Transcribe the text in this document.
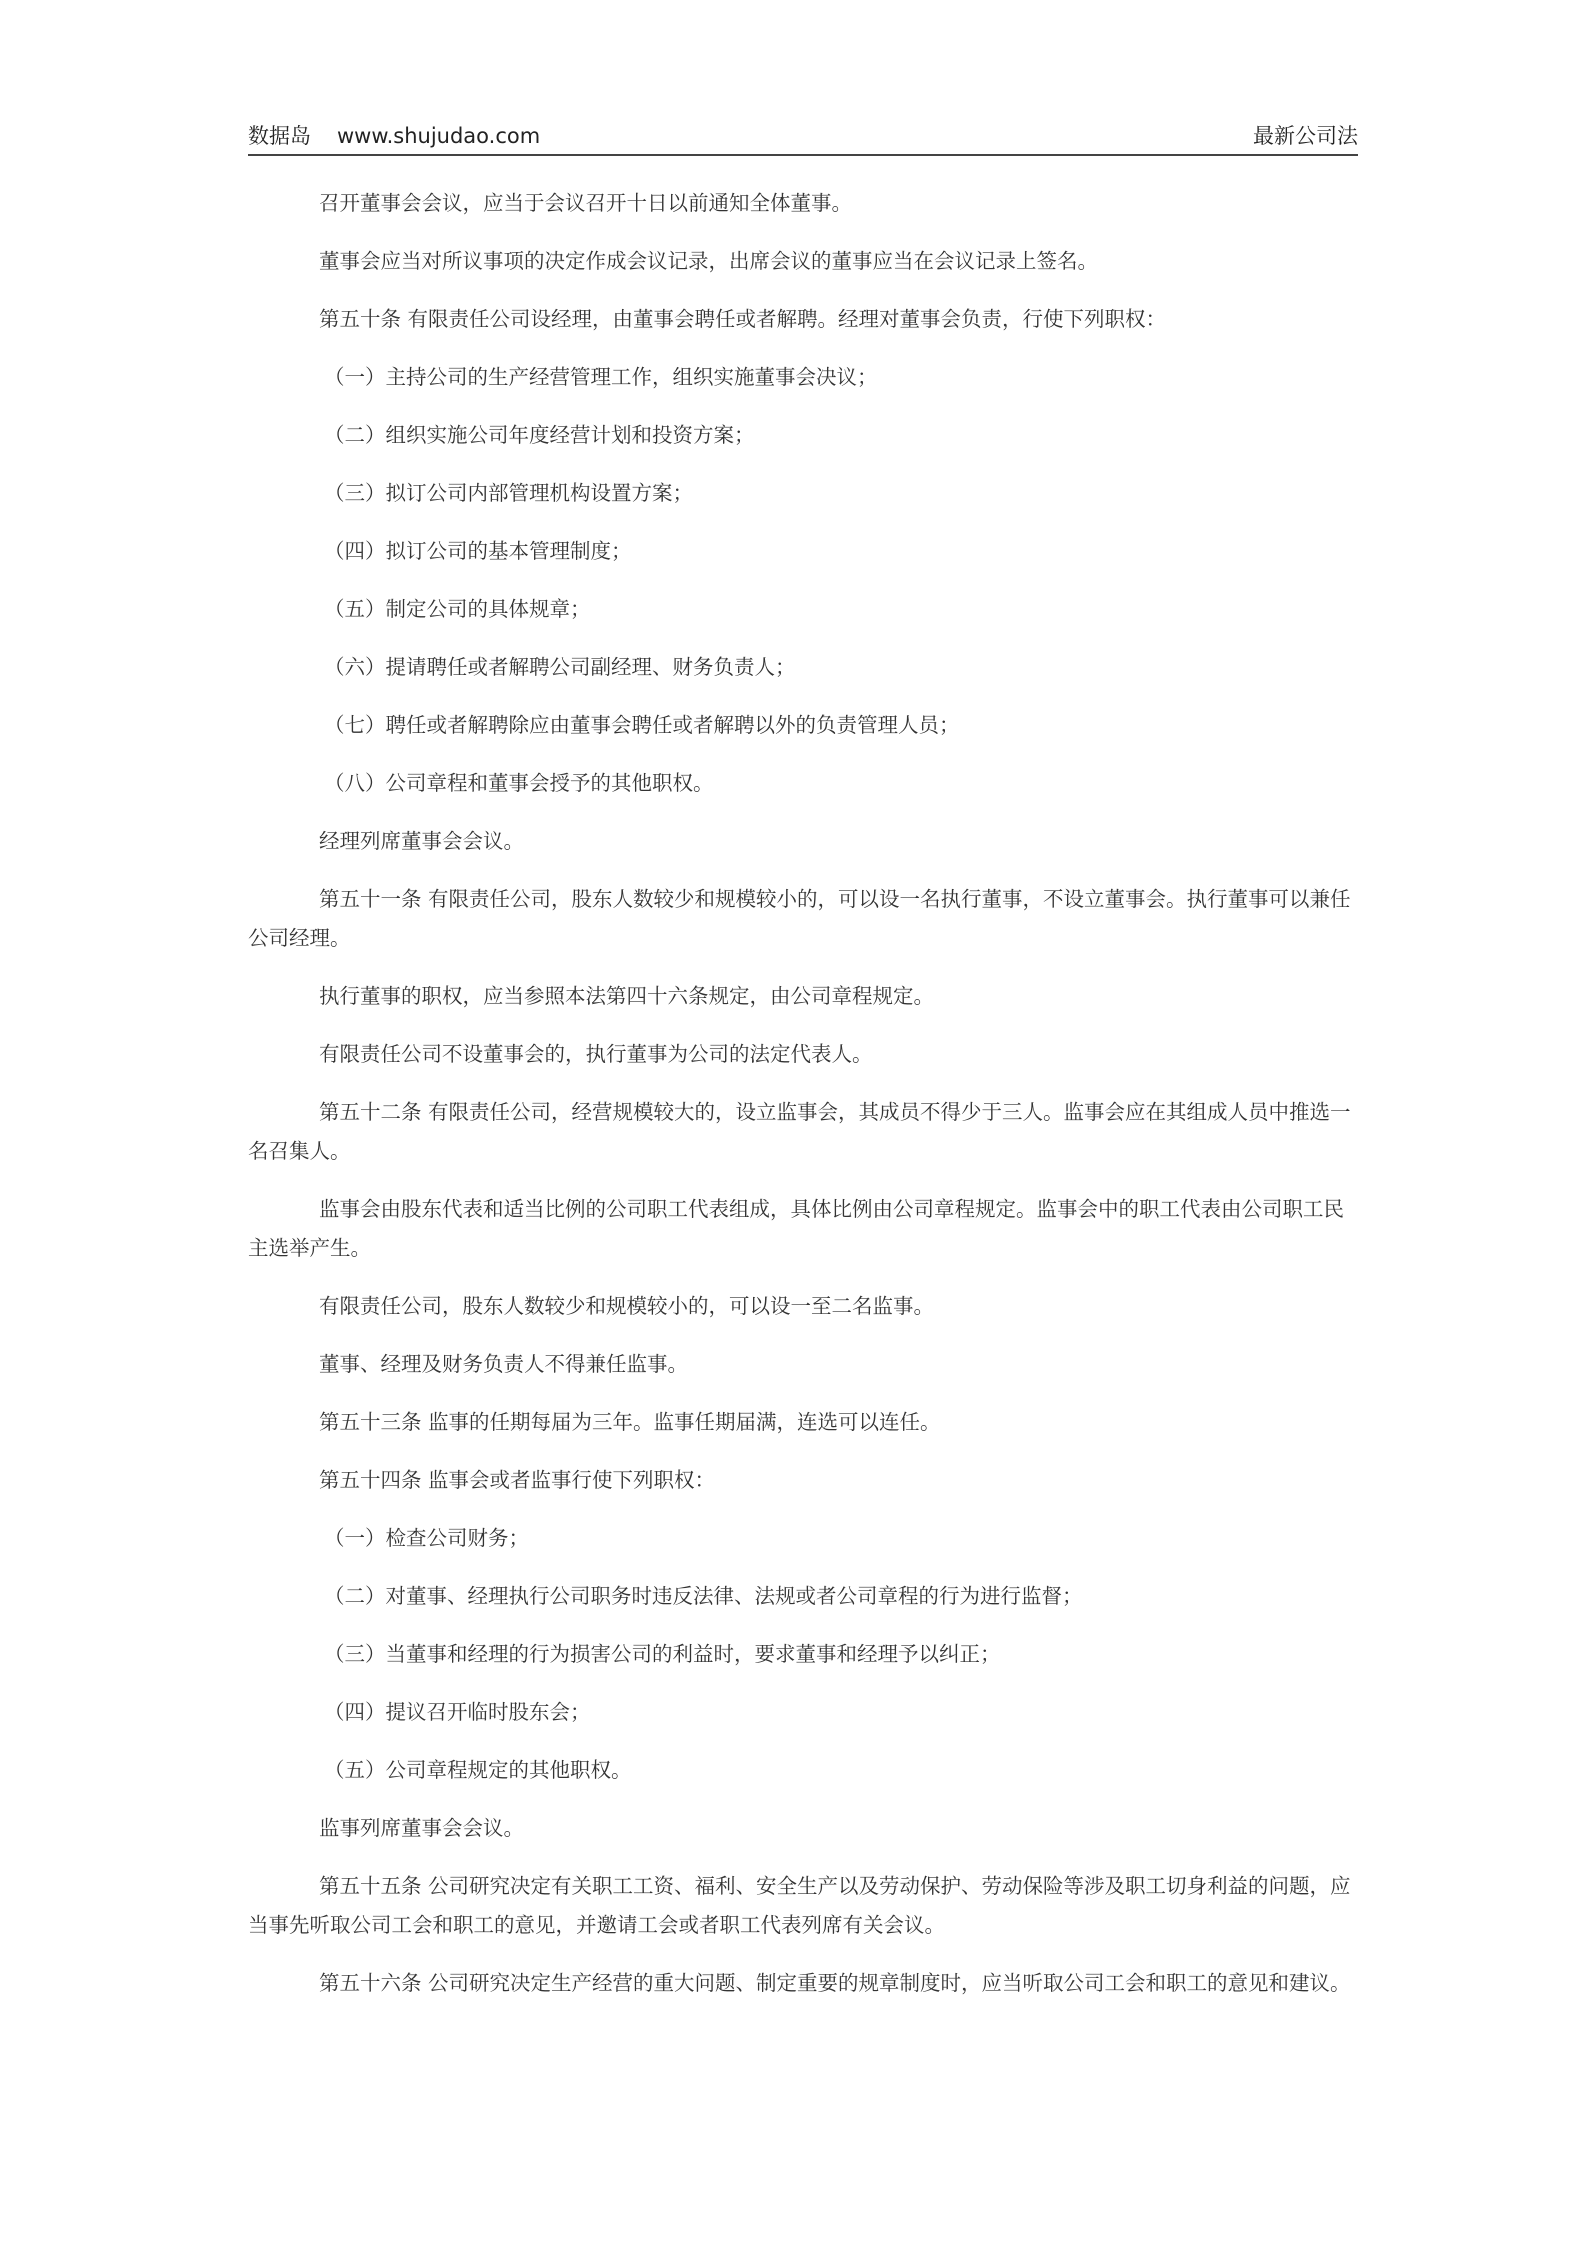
数据岛 www.shujudao.com	最新公司法

召开董事会会议，应当于会议召开十日以前通知全体董事。

董事会应当对所议事项的决定作成会议记录，出席会议的董事应当在会议记录上签名。

第五十条 有限责任公司设经理，由董事会聘任或者解聘。经理对董事会负责，行使下列职权：

（一）主持公司的生产经营管理工作，组织实施董事会决议；

（二）组织实施公司年度经营计划和投资方案；

（三）拟订公司内部管理机构设置方案；

（四）拟订公司的基本管理制度；

（五）制定公司的具体规章；

（六）提请聘任或者解聘公司副经理、财务负责人；

（七）聘任或者解聘除应由董事会聘任或者解聘以外的负责管理人员；

（八）公司章程和董事会授予的其他职权。

经理列席董事会会议。

第五十一条 有限责任公司，股东人数较少和规模较小的，可以设一名执行董事，不设立董事会。执行董事可以兼任公司经理。

执行董事的职权，应当参照本法第四十六条规定，由公司章程规定。

有限责任公司不设董事会的，执行董事为公司的法定代表人。

第五十二条 有限责任公司，经营规模较大的，设立监事会，其成员不得少于三人。监事会应在其组成人员中推选一名召集人。

监事会由股东代表和适当比例的公司职工代表组成，具体比例由公司章程规定。监事会中的职工代表由公司职工民主选举产生。

有限责任公司，股东人数较少和规模较小的，可以设一至二名监事。

董事、经理及财务负责人不得兼任监事。

第五十三条 监事的任期每届为三年。监事任期届满，连选可以连任。

第五十四条 监事会或者监事行使下列职权：

（一）检查公司财务；

（二）对董事、经理执行公司职务时违反法律、法规或者公司章程的行为进行监督；

（三）当董事和经理的行为损害公司的利益时，要求董事和经理予以纠正；

（四）提议召开临时股东会；

（五）公司章程规定的其他职权。

监事列席董事会会议。

第五十五条 公司研究决定有关职工工资、福利、安全生产以及劳动保护、劳动保险等涉及职工切身利益的问题，应当事先听取公司工会和职工的意见，并邀请工会或者职工代表列席有关会议。

第五十六条 公司研究决定生产经营的重大问题、制定重要的规章制度时，应当听取公司工会和职工的意见和建议。
